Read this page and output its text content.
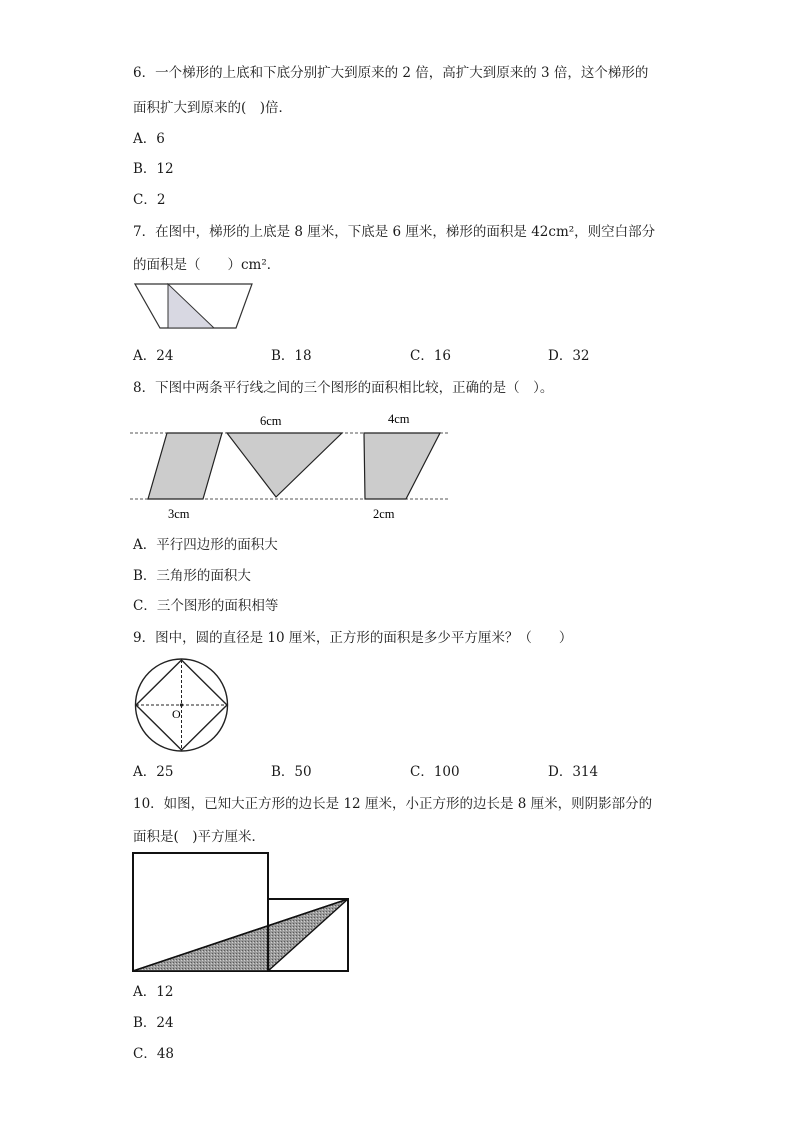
6．一个梯形的上底和下底分别扩大到原来的 2 倍，高扩大到原来的 3 倍，这个梯形的
面积扩大到原来的(　)倍．
A．6
B．12
C．2
7．在图中，梯形的上底是 8 厘米，下底是 6 厘米，梯形的面积是 42cm²，则空白部分
的面积是（　　）cm²．
A．24	B．18	C．16	D．32
8．下图中两条平行线之间的三个图形的面积相比较，正确的是（　）。
6cm	4cm
3cm	2cm
A．平行四边形的面积大
B．三角形的面积大
C．三个图形的面积相等
9．图中，圆的直径是 10 厘米，正方形的面积是多少平方厘米？（　　）
O
A．25	B．50	C．100	D．314
10．如图，已知大正方形的边长是 12 厘米，小正方形的边长是 8 厘米，则阴影部分的
面积是(　)平方厘米．
A．12
B．24
C．48
